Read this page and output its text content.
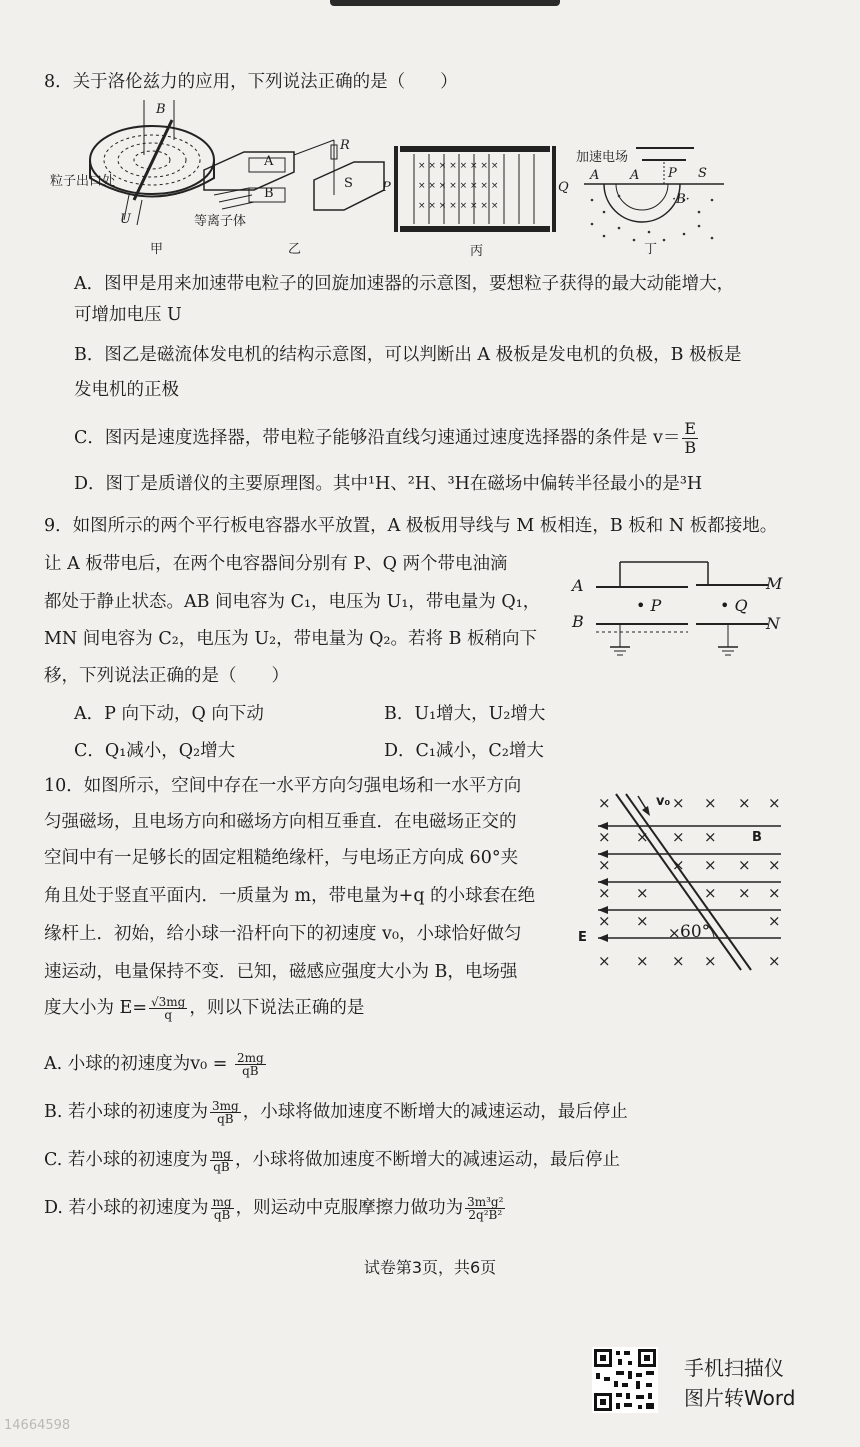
8．关于洛伦兹力的应用，下列说法正确的是（　　）
× × × × × × × ×
× × × × × × × ×
× × × × × × × ×
粒子出口处
B
U
甲
等离子体
A
B
R
S
乙
P	Q
丙
加速电场
A A P S
·B·
丁
A．图甲是用来加速带电粒子的回旋加速器的示意图，要想粒子获得的最大动能增大，
可增加电压 U
B．图乙是磁流体发电机的结构示意图，可以判断出 A 极板是发电机的负极，B 极板是
发电机的正极
C．图丙是速度选择器，带电粒子能够沿直线匀速通过速度选择器的条件是 $v= \frac{E}{B}$
D．图丁是质谱仪的主要原理图。其中¹H、²H、³H在磁场中偏转半径最小的是³H
9．如图所示的两个平行板电容器水平放置，A 极板用导线与 M 板相连，B 板和 N 板都接地。
让 A 板带电后，在两个电容器间分别有 P、Q 两个带电油滴
都处于静止状态。AB 间电容为 C₁，电压为 U₁，带电量为 Q₁，
MN 间电容为 C₂，电压为 U₂，带电量为 Q₂。若将 B 板稍向下
移，下列说法正确的是（　　）
A
B
M
N
• P	• Q
A．P 向下动，Q 向下动	B．U₁增大，U₂增大
C．Q₁减小，Q₂增大	D．C₁减小，C₂增大
10．如图所示，空间中存在一水平方向匀强电场和一水平方向
匀强磁场，且电场方向和磁场方向相互垂直．在电磁场正交的
空间中有一足够长的固定粗糙绝缘杆，与电场正方向成 60°夹
角且处于竖直平面内．一质量为 m，带电量为+q 的小球套在绝
缘杆上．初始，给小球一沿杆向下的初速度 v₀，小球恰好做匀
速运动，电量保持不变．已知，磁感应强度大小为 B，电场强
度大小为 $E= \frac{√3mg}{q}$ ，则以下说法正确的是
×	× × × ×
× × × ×
×	× × × ×
× ×	× × ×
× ×
×
×
× × × ×	×
v₀
B
E	60°
A. 小球的初速度为$v_0 = \frac{2mg}{qB}$
B. 若小球的初速度为 $\frac{3mg}{qB}$ ，小球将做加速度不断增大的减速运动，最后停止
C. 若小球的初速度为 $\frac{mg}{qB}$ ，小球将做加速度不断增大的减速运动，最后停止
D. 若小球的初速度为 $\frac{mg}{qB}$ ，则运动中克服摩擦力做功为 $\frac{\text{3m³g²}}{\text{2q²B²}}$
试卷第3页，共6页
手机扫描仪
图片转Word
14664598
